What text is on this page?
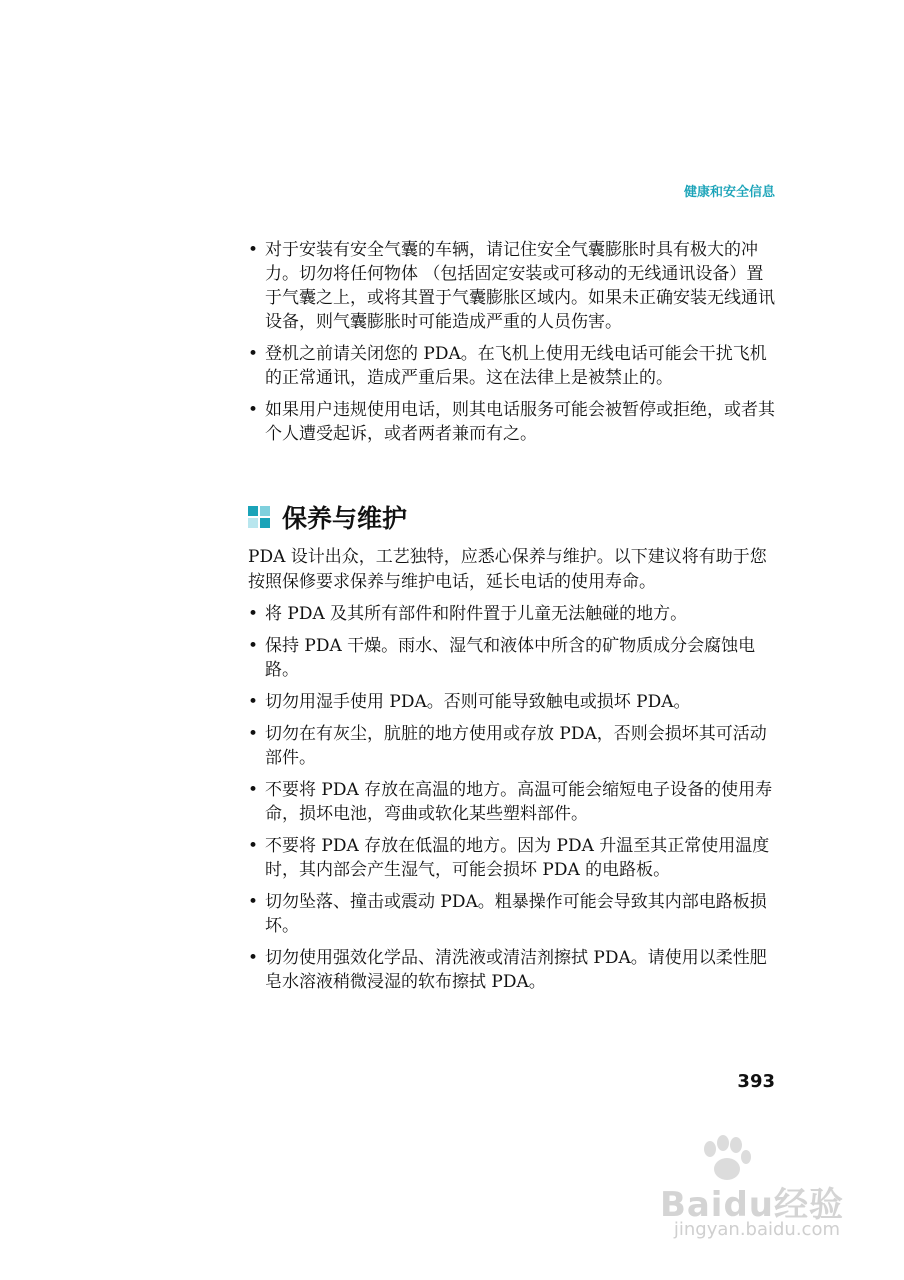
健康和安全信息
• 对于安装有安全气囊的车辆，请记住安全气囊膨胀时具有极大的冲力。切勿将任何物体 （包括固定安装或可移动的无线通讯设备）置于气囊之上，或将其置于气囊膨胀区域内。如果未正确安装无线通讯设备，则气囊膨胀时可能造成严重的人员伤害。
• 登机之前请关闭您的 PDA。在飞机上使用无线电话可能会干扰飞机的正常通讯，造成严重后果。这在法律上是被禁止的。
• 如果用户违规使用电话，则其电话服务可能会被暂停或拒绝，或者其个人遭受起诉，或者两者兼而有之。
保养与维护

PDA 设计出众，工艺独特，应悉心保养与维护。以下建议将有助于您按照保修要求保养与维护电话，延长电话的使用寿命。

• 将 PDA 及其所有部件和附件置于儿童无法触碰的地方。
• 保持 PDA 干燥。雨水、湿气和液体中所含的矿物质成分会腐蚀电路。
• 切勿用湿手使用 PDA。否则可能导致触电或损坏 PDA。
• 切勿在有灰尘，肮脏的地方使用或存放 PDA，否则会损坏其可活动部件。
• 不要将 PDA 存放在高温的地方。高温可能会缩短电子设备的使用寿命，损坏电池，弯曲或软化某些塑料部件。
• 不要将 PDA 存放在低温的地方。因为 PDA 升温至其正常使用温度时，其内部会产生湿气，可能会损坏 PDA 的电路板。
• 切勿坠落、撞击或震动 PDA。粗暴操作可能会导致其内部电路板损坏。
• 切勿使用强效化学品、清洗液或清洁剂擦拭 PDA。请使用以柔性肥皂水溶液稍微浸湿的软布擦拭 PDA。
393
Baidu经验
jingyan.baidu.com
